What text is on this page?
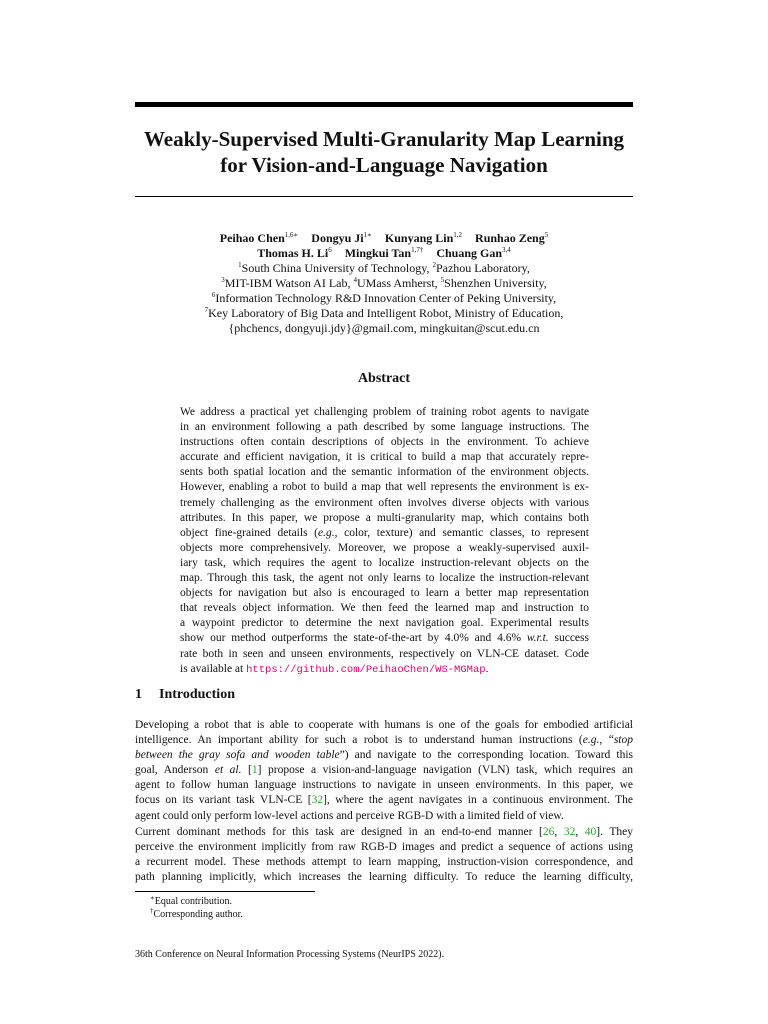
Weakly-Supervised Multi-Granularity Map Learning
for Vision-and-Language Navigation
Peihao Chen$^{1,6∗}$ Dongyu $Ji^{1∗}$ Kunyang Lin$^{1,2}$ Runhao Zeng$^5$
Thomas H. Li$^6$ Mingkui Tan$^{1,7\dagger}$ Chuang Gan$^{3,4}$
$^1$South China University of Technology, $^2$Pazhou Laboratory,
$^3$MIT-IBM Watson AI Lab, $^4$UMass Amherst, $^5$Shenzhen University,
$^6$Information Technology R&D Innovation Center of Peking University,
$^7$Key Laboratory of Big Data and Intelligent Robot, Ministry of Education,
{phchencs, dongyuji.jdy}@gmail.com, mingkuitan@scut.edu.cn
Abstract
We address a practical yet challenging problem of training robot agents to navigate
in an environment following a path described by some language instructions. The
instructions often contain descriptions of objects in the environment. To achieve
accurate and efficient navigation, it is critical to build a map that accurately repre-
sents both spatial location and the semantic information of the environment objects.
However, enabling a robot to build a map that well represents the environment is ex-
tremely challenging as the environment often involves diverse objects with various
attributes. In this paper, we propose a multi-granularity map, which contains both
object fine-grained details (e.g., color, texture) and semantic classes, to represent
objects more comprehensively. Moreover, we propose a weakly-supervised auxil-
iary task, which requires the agent to localize instruction-relevant objects on the
map. Through this task, the agent not only learns to localize the instruction-relevant
objects for navigation but also is encouraged to learn a better map representation
that reveals object information. We then feed the learned map and instruction to
a waypoint predictor to determine the next navigation goal. Experimental results
show our method outperforms the state-of-the-art by 4.0% and 4.6% w.r.t. success
rate both in seen and unseen environments, respectively on VLN-CE dataset. Code
is available at https://github.com/PeihaoChen/WS-MGMap.
1 Introduction
Developing a robot that is able to cooperate with humans is one of the goals for embodied artificial
intelligence. An important ability for such a robot is to understand human instructions (e.g., “stop
between the gray sofa and wooden table”) and navigate to the corresponding location. Toward this
goal, Anderson et al. [1] propose a vision-and-language navigation (VLN) task, which requires an
agent to follow human language instructions to navigate in unseen environments. In this paper, we
focus on its variant task VLN-CE [32], where the agent navigates in a continuous environment. The
agent could only perform low-level actions and perceive RGB-D with a limited field of view.
Current dominant methods for this task are designed in an end-to-end manner [26, 32, 40]. They
perceive the environment implicitly from raw RGB-D images and predict a sequence of actions using
a recurrent model. These methods attempt to learn mapping, instruction-vision correspondence, and
path planning implicitly, which increases the learning difficulty. To reduce the learning difficulty,
∗Equal contribution.
†Corresponding author.
36th Conference on Neural Information Processing Systems (NeurIPS 2022).
